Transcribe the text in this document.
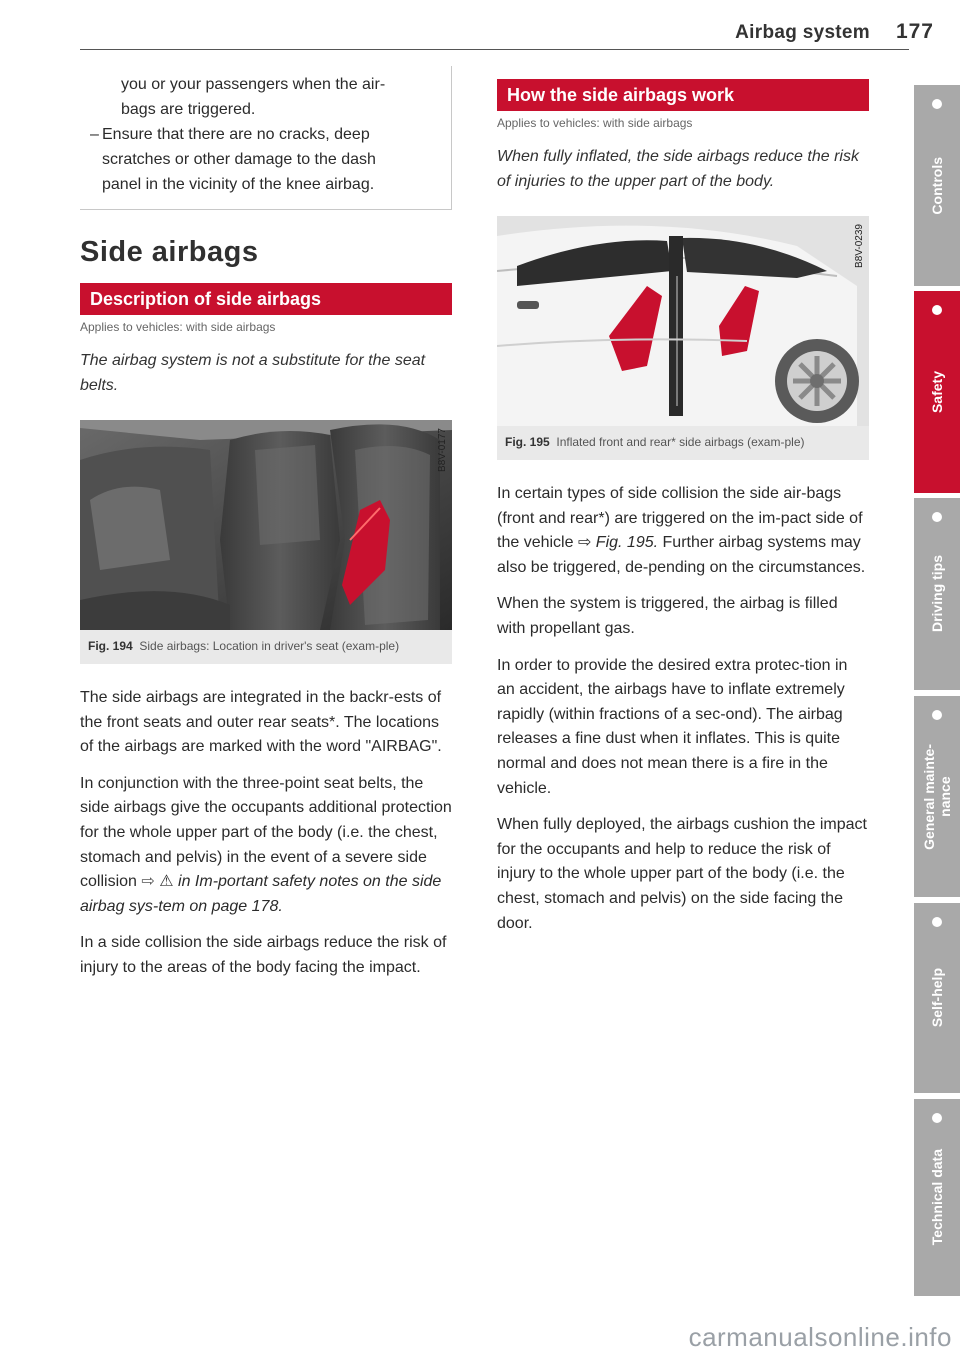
Airbag system 177

you or your passengers when the air-

bags are triggered.

– Ensure that there are no cracks, deep

scratches or other damage to the dash

panel in the vicinity of the knee airbag.

Side airbags
Description of side airbags
Applies to vehicles: with side airbags

The airbag system is not a substitute for the seat belts.

B8V-0177
Fig. 194 Side airbags: Location in driver's seat (exam-ple)

The side airbags are integrated in the backr-ests of the front seats and outer rear seats*. The locations of the airbags are marked with the word "AIRBAG".

In conjunction with the three-point seat belts, the side airbags give the occupants additional protection for the whole upper part of the body (i.e. the chest, stomach and pelvis) in the event of a severe side collision ⇨ ⚠ in Im-portant safety notes on the side airbag sys-tem on page 178.

In a side collision the side airbags reduce the risk of injury to the areas of the body facing the impact.

How the side airbags work
Applies to vehicles: with side airbags

When fully inflated, the side airbags reduce the risk of injuries to the upper part of the body.

B8V-0239
Fig. 195 Inflated front and rear* side airbags (exam-ple)

In certain types of side collision the side air-bags (front and rear*) are triggered on the im-pact side of the vehicle ⇨ Fig. 195. Further airbag systems may also be triggered, de-pending on the circumstances.

When the system is triggered, the airbag is filled with propellant gas.

In order to provide the desired extra protec-tion in an accident, the airbags have to inflate extremely rapidly (within fractions of a sec-ond). The airbag releases a fine dust when it inflates. This is quite normal and does not mean there is a fire in the vehicle.

When fully deployed, the airbags cushion the impact for the occupants and help to reduce the risk of injury to the whole upper part of the body (i.e. the chest, stomach and pelvis) on the side facing the door.

Controls
Safety
Driving tips
General mainte-
nance
Self-help
Technical data
carmanualsonline.info
